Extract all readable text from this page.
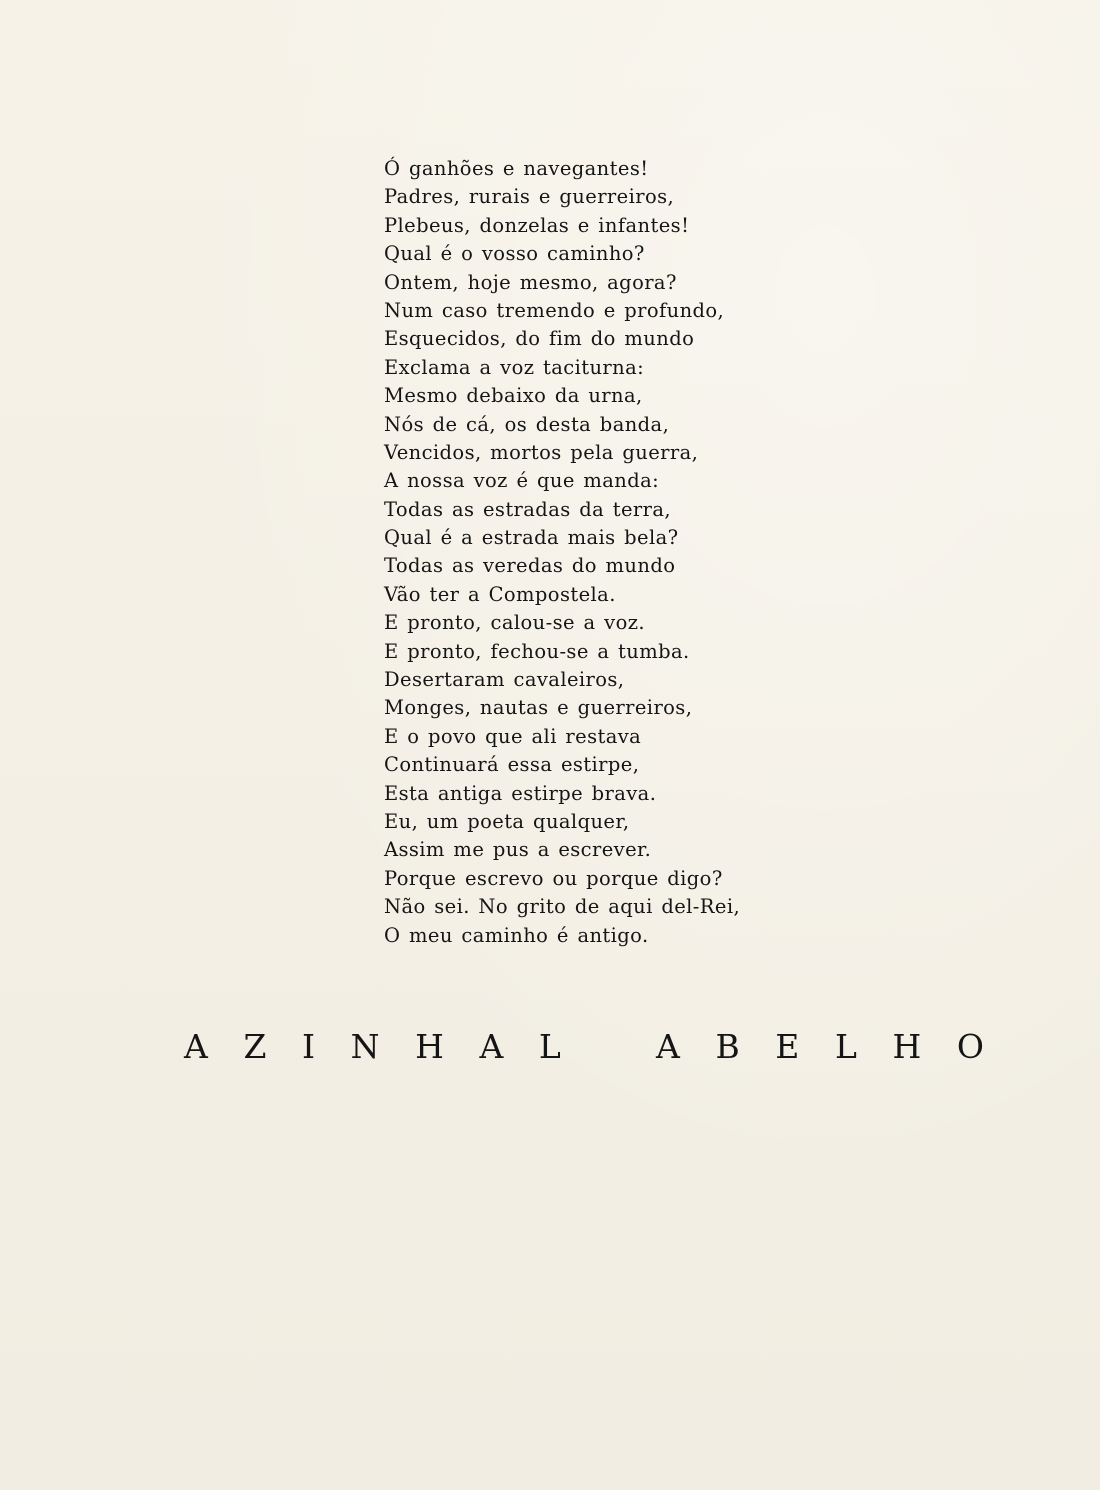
Ó ganhões e navegantes!
Padres, rurais e guerreiros,
Plebeus, donzelas e infantes!
Qual é o vosso caminho?
Ontem, hoje mesmo, agora?
Num caso tremendo e profundo,
Esquecidos, do fim do mundo
Exclama a voz taciturna:
Mesmo debaixo da urna,
Nós de cá, os desta banda,
Vencidos, mortos pela guerra,
A nossa voz é que manda:
Todas as estradas da terra,
Qual é a estrada mais bela?
Todas as veredas do mundo
Vão ter a Compostela.
E pronto, calou-se a voz.
E pronto, fechou-se a tumba.
Desertaram cavaleiros,
Monges, nautas e guerreiros,
E o povo que ali restava
Continuará essa estirpe,
Esta antiga estirpe brava.
Eu, um poeta qualquer,
Assim me pus a escrever.
Porque escrevo ou porque digo?
Não sei. No grito de aqui del-Rei,
O meu caminho é antigo.
A Z I N H A L	A B E L H O
